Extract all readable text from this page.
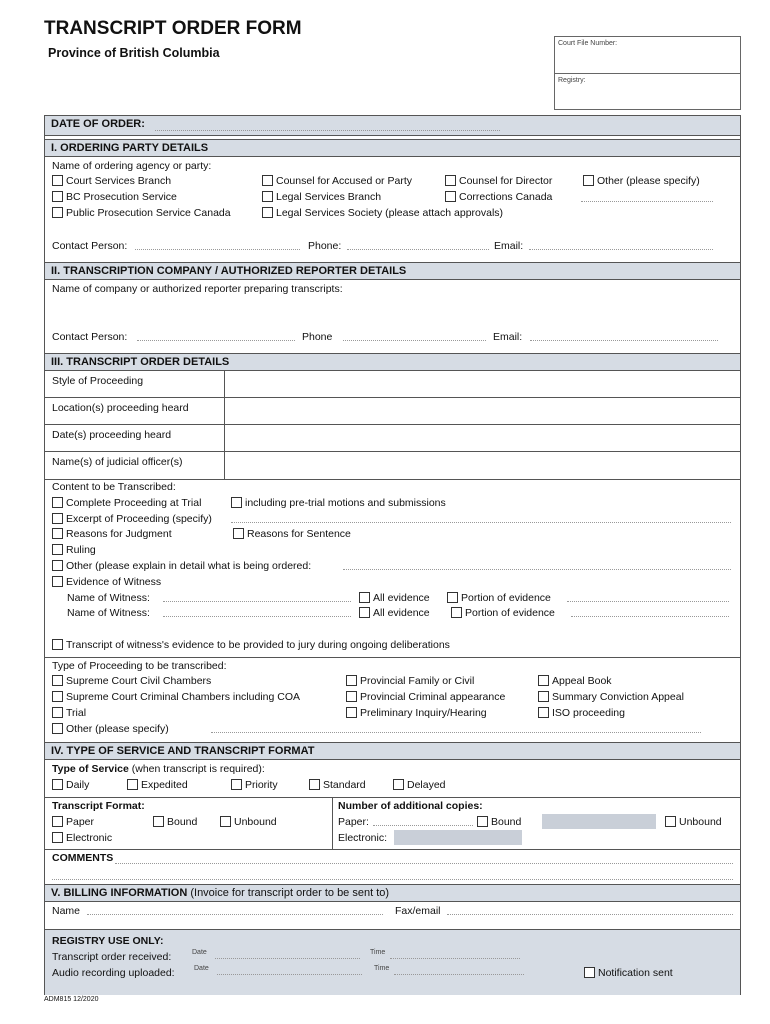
TRANSCRIPT ORDER FORM
Province of British Columbia
Court File Number:
Registry:
DATE OF ORDER:
I. ORDERING PARTY DETAILS
Name of ordering agency or party:
Court Services Branch
BC Prosecution Service
Public Prosecution Service Canada
Counsel for Accused or Party
Legal Services Branch
Legal Services Society (please attach approvals)
Counsel for Director
Corrections Canada
Other (please specify)
Contact Person:	Phone:	Email:
II. TRANSCRIPTION COMPANY / AUTHORIZED REPORTER DETAILS
Name of company or authorized reporter preparing transcripts:
Contact Person:	Phone	Email:
III. TRANSCRIPT ORDER DETAILS
Style of Proceeding
Location(s) proceeding heard
Date(s) proceeding heard
Name(s) of judicial officer(s)
Content to be Transcribed:
Complete Proceeding at Trial	including pre-trial motions and submissions
Excerpt of Proceeding (specify)
Reasons for Judgment	Reasons for Sentence
Ruling
Other (please explain in detail what is being ordered:
Evidence of Witness
Name of Witness:	All evidence	Portion of evidence
Name of Witness:	All evidence	Portion of evidence
Transcript of witness's evidence to be provided to jury during ongoing deliberations
Type of Proceeding to be transcribed:
Supreme Court Civil Chambers
Supreme Court Criminal Chambers including COA
Trial
Other (please specify)
Provincial Family or Civil
Provincial Criminal appearance
Preliminary Inquiry/Hearing
Appeal Book
Summary Conviction Appeal
ISO proceeding
IV. TYPE OF SERVICE AND TRANSCRIPT FORMAT
Type of Service (when transcript is required):
Daily	Expedited	Priority	Standard	Delayed
Transcript Format:
Paper	Bound	Unbound
Electronic
Number of additional copies:
Paper:	Bound	Unbound
Electronic:
COMMENTS
V. BILLING INFORMATION (Invoice for transcript order to be sent to)
Name	Fax/email
REGISTRY USE ONLY:
Transcript order received:	Date	Time
Audio recording uploaded:	Date	Time	Notification sent
ADM815 12/2020
